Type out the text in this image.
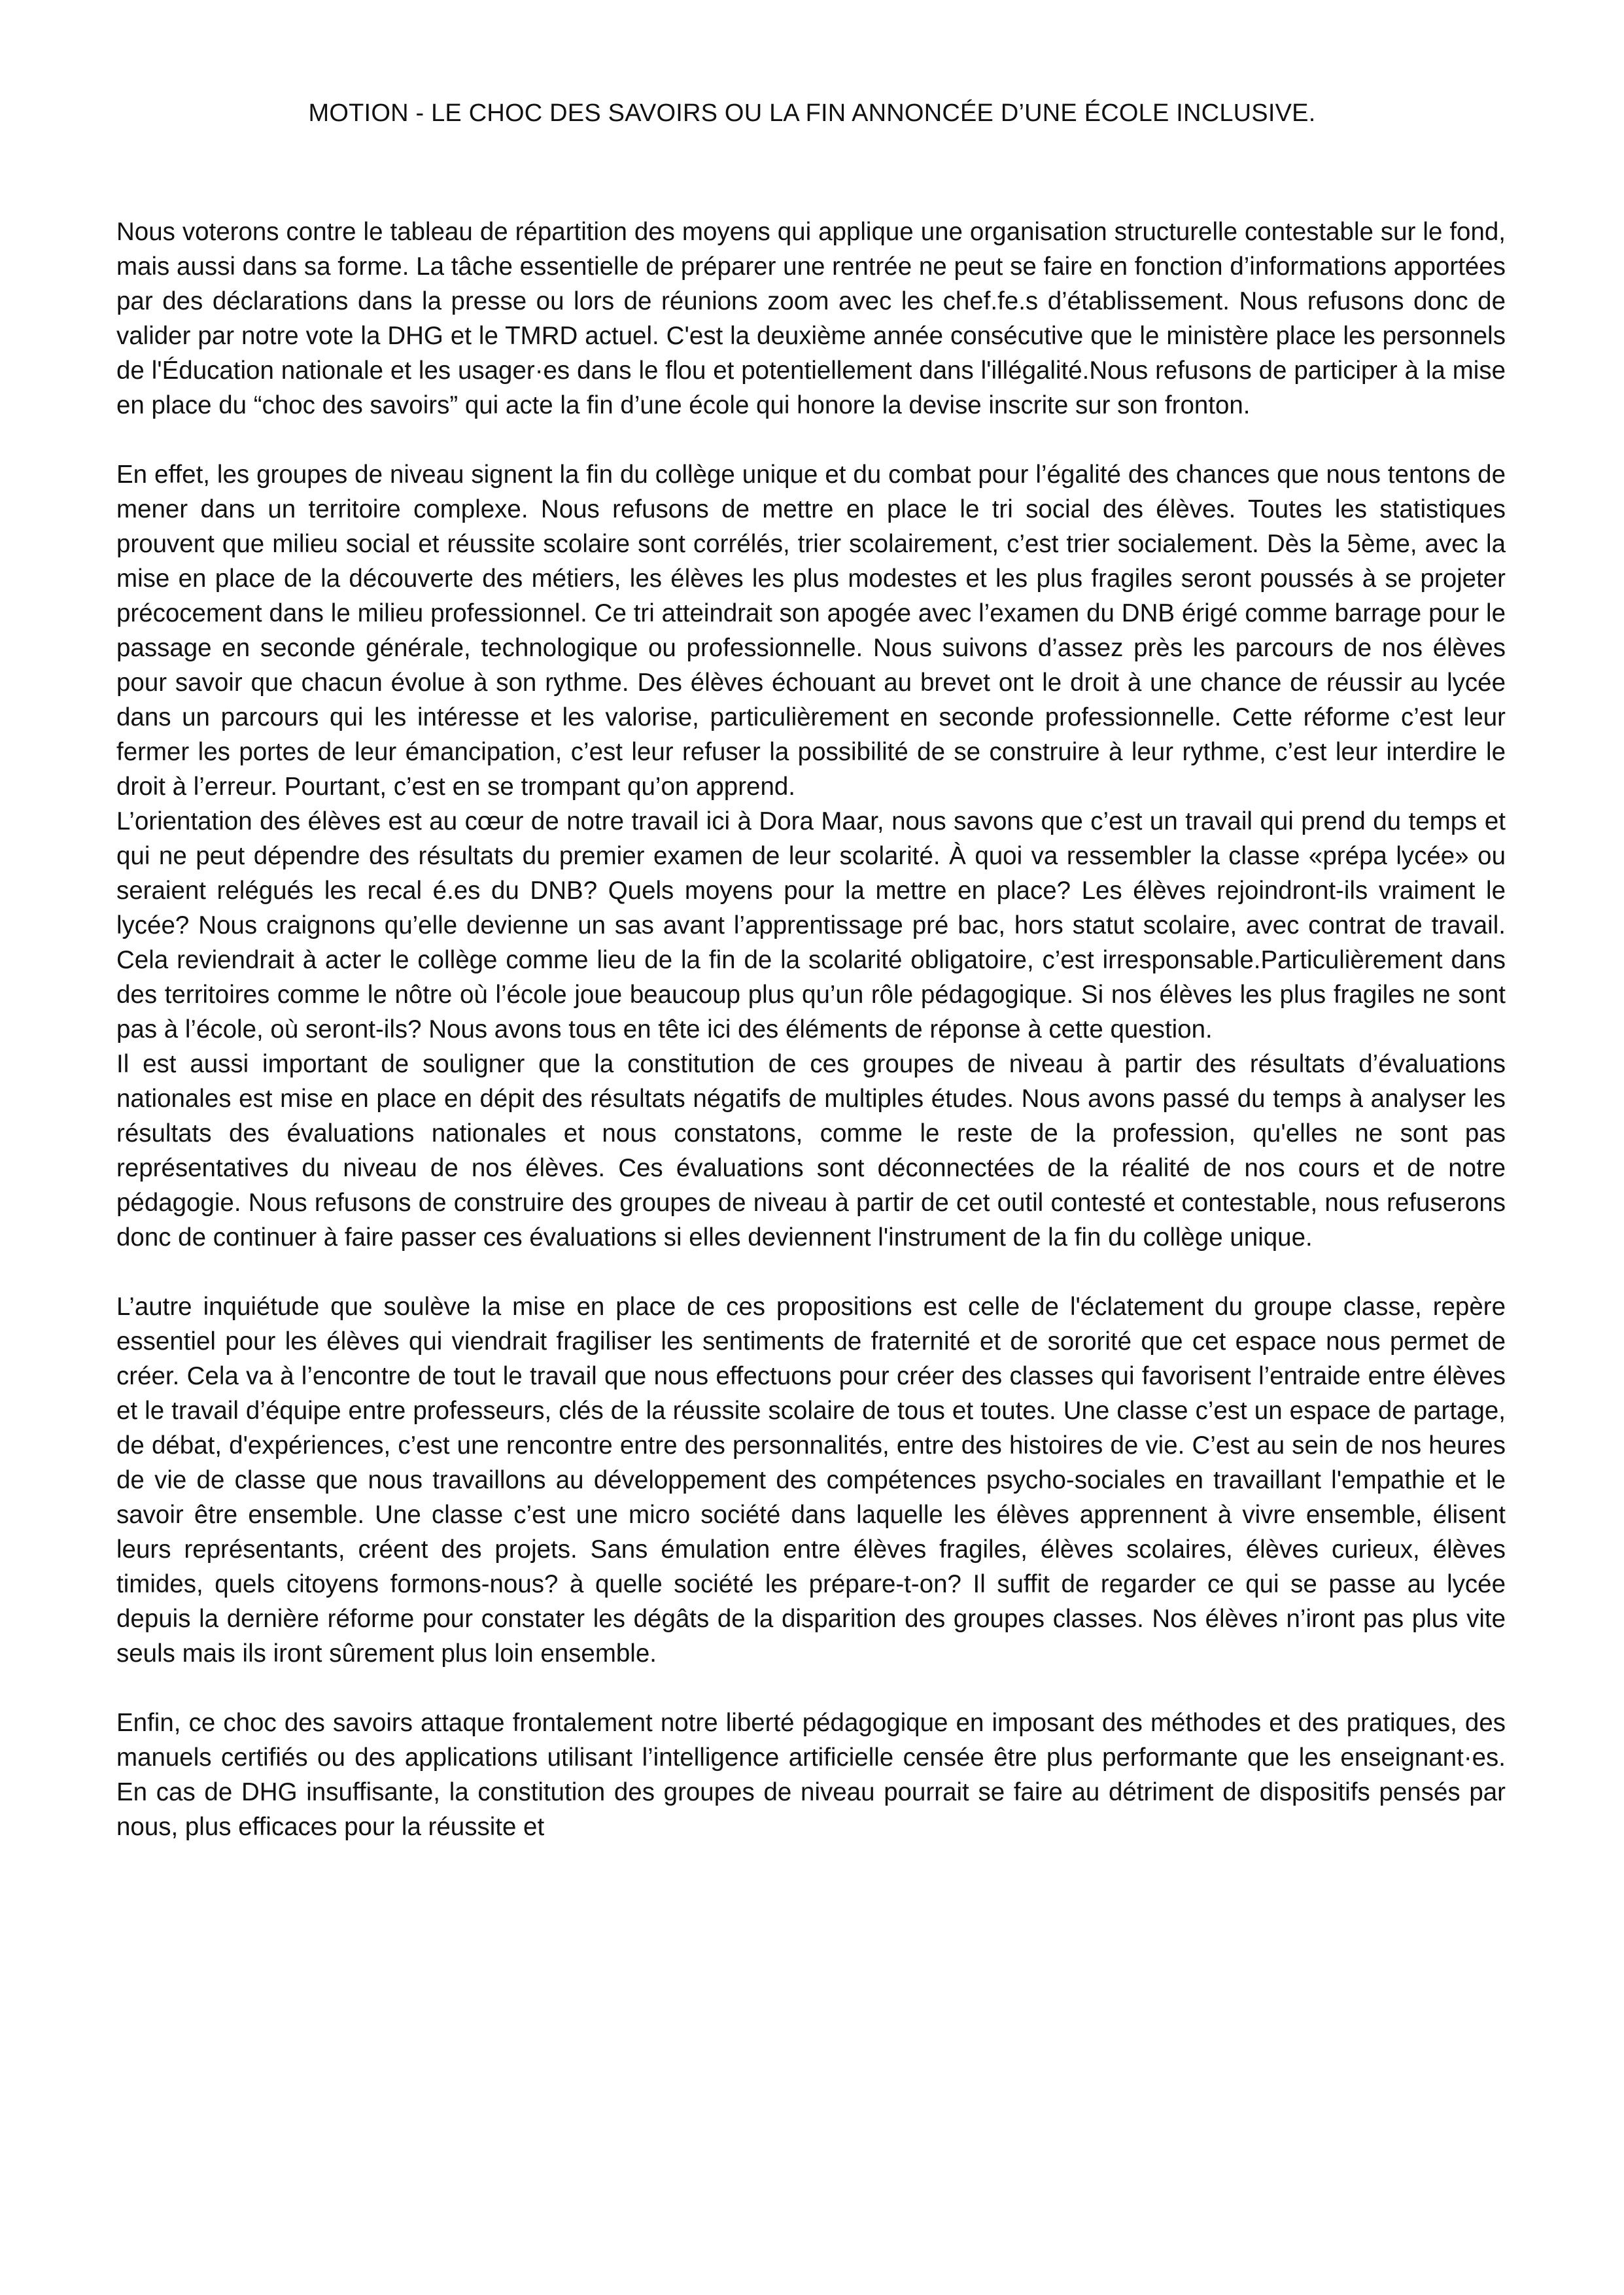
MOTION - LE CHOC DES SAVOIRS OU LA FIN ANNONCÉE D’UNE ÉCOLE INCLUSIVE.

Nous voterons contre le tableau de répartition des moyens qui applique une organisation structurelle contestable sur le fond, mais aussi dans sa forme. La tâche essentielle de préparer une rentrée ne peut se faire en fonction d’informations apportées par des déclarations dans la presse ou lors de réunions zoom avec les chef.fe.s d’établissement. Nous refusons donc de valider par notre vote la DHG et le TMRD actuel. C'est la deuxième année consécutive que le ministère place les personnels de l'Éducation nationale et les usager·es dans le flou et potentiellement dans l'illégalité.Nous refusons de participer à la mise en place du “choc des savoirs” qui acte la fin d’une école qui honore la devise inscrite sur son fronton.

En effet, les groupes de niveau signent la fin du collège unique et du combat pour l’égalité des chances que nous tentons de mener dans un territoire complexe. Nous refusons de mettre en place le tri social des élèves. Toutes les statistiques prouvent que milieu social et réussite scolaire sont corrélés, trier scolairement, c’est trier socialement. Dès la 5ème, avec la mise en place de la découverte des métiers, les élèves les plus modestes et les plus fragiles seront poussés à se projeter précocement dans le milieu professionnel. Ce tri atteindrait son apogée avec l’examen du DNB érigé comme barrage pour le passage en seconde générale, technologique ou professionnelle. Nous suivons d’assez près les parcours de nos élèves pour savoir que chacun évolue à son rythme. Des élèves échouant au brevet ont le droit à une chance de réussir au lycée dans un parcours qui les intéresse et les valorise, particulièrement en seconde professionnelle. Cette réforme c’est leur fermer les portes de leur émancipation, c’est leur refuser la possibilité de se construire à leur rythme, c’est leur interdire le droit à l’erreur. Pourtant, c’est en se trompant qu’on apprend.

L’orientation des élèves est au cœur de notre travail ici à Dora Maar, nous savons que c’est un travail qui prend du temps et qui ne peut dépendre des résultats du premier examen de leur scolarité. À quoi va ressembler la classe «prépa lycée» ou seraient relégués les recal é.es du DNB? Quels moyens pour la mettre en place? Les élèves rejoindront-ils vraiment le lycée? Nous craignons qu’elle devienne un sas avant l’apprentissage pré bac, hors statut scolaire, avec contrat de travail. Cela reviendrait à acter le collège comme lieu de la fin de la scolarité obligatoire, c’est irresponsable.Particulièrement dans des territoires comme le nôtre où l’école joue beaucoup plus qu’un rôle pédagogique. Si nos élèves les plus fragiles ne sont pas à l’école, où seront-ils? Nous avons tous en tête ici des éléments de réponse à cette question.

Il est aussi important de souligner que la constitution de ces groupes de niveau à partir des résultats d’évaluations nationales est mise en place en dépit des résultats négatifs de multiples études. Nous avons passé du temps à analyser les résultats des évaluations nationales et nous constatons, comme le reste de la profession, qu'elles ne sont pas représentatives du niveau de nos élèves. Ces évaluations sont déconnectées de la réalité de nos cours et de notre pédagogie. Nous refusons de construire des groupes de niveau à partir de cet outil contesté et contestable, nous refuserons donc de continuer à faire passer ces évaluations si elles deviennent l'instrument de la fin du collège unique.

L’autre inquiétude que soulève la mise en place de ces propositions est celle de l'éclatement du groupe classe, repère essentiel pour les élèves qui viendrait fragiliser les sentiments de fraternité et de sororité que cet espace nous permet de créer. Cela va à l’encontre de tout le travail que nous effectuons pour créer des classes qui favorisent l’entraide entre élèves et le travail d’équipe entre professeurs, clés de la réussite scolaire de tous et toutes. Une classe c’est un espace de partage, de débat, d'expériences, c’est une rencontre entre des personnalités, entre des histoires de vie. C’est au sein de nos heures de vie de classe que nous travaillons au développement des compétences psycho-sociales en travaillant l'empathie et le savoir être ensemble. Une classe c’est une micro société dans laquelle les élèves apprennent à vivre ensemble, élisent leurs représentants, créent des projets. Sans émulation entre élèves fragiles, élèves scolaires, élèves curieux, élèves timides, quels citoyens formons-nous? à quelle société les prépare-t-on? Il suffit de regarder ce qui se passe au lycée depuis la dernière réforme pour constater les dégâts de la disparition des groupes classes. Nos élèves n’iront pas plus vite seuls mais ils iront sûrement plus loin ensemble.

Enfin, ce choc des savoirs attaque frontalement notre liberté pédagogique en imposant des méthodes et des pratiques, des manuels certifiés ou des applications utilisant l’intelligence artificielle censée être plus performante que les enseignant·es. En cas de DHG insuffisante, la constitution des groupes de niveau pourrait se faire au détriment de dispositifs pensés par nous, plus efficaces pour la réussite et
